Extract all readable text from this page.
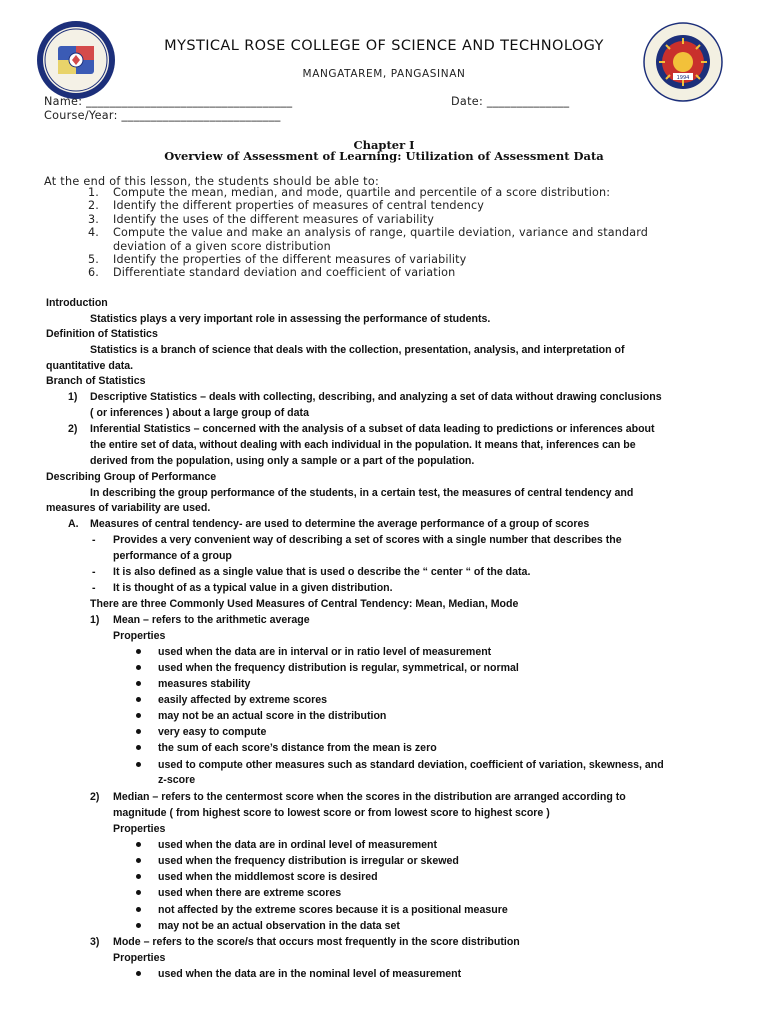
1994
MYSTICAL ROSE COLLEGE OF SCIENCE AND TECHNOLOGY
MANGATAREM, PANGASINAN
Name: ___________________________________	Date: ______________
Course/Year: ___________________________
Chapter I
Overview of Assessment of Learning: Utilization of Assessment Data
At the end of this lesson, the students should be able to:
1. Compute the mean, median, and mode, quartile and percentile of a score distribution:
2. Identify the different properties of measures of central tendency
3. Identify the uses of the different measures of variability
4. Compute the value and make an analysis of range, quartile deviation, variance and standard deviation of a given score distribution
5. Identify the properties of the different measures of variability
6. Differentiate standard deviation and coefficient of variation
Introduction
Statistics plays a very important role in assessing the performance of students.
Definition of Statistics
Statistics is a branch of science that deals with the collection, presentation, analysis, and interpretation of
quantitative data.
Branch of Statistics
1) Descriptive Statistics – deals with collecting, describing, and analyzing a set of data without drawing conclusions
( or inferences ) about a large group of data
2) Inferential Statistics – concerned with the analysis of a subset of data leading to predictions or inferences about
the entire set of data, without dealing with each individual in the population. It means that, inferences can be
derived from the population, using only a sample or a part of the population.
Describing Group of Performance
In describing the group performance of the students, in a certain test, the measures of central tendency and
measures of variability are used.
A. Measures of central tendency- are used to determine the average performance of a group of scores
- Provides a very convenient way of describing a set of scores with a single number that describes the
performance of a group
- It is also defined as a single value that is used o describe the “ center “ of the data.
- It is thought of as a typical value in a given distribution.
There are three Commonly Used Measures of Central Tendency: Mean, Median, Mode
1) Mean – refers to the arithmetic average
Properties
used when the data are in interval or in ratio level of measurement
used when the frequency distribution is regular, symmetrical, or normal
measures stability
easily affected by extreme scores
may not be an actual score in the distribution
very easy to compute
the sum of each score’s distance from the mean is zero
used to compute other measures such as standard deviation, coefficient of variation, skewness, and
z-score
2) Median – refers to the centermost score when the scores in the distribution are arranged according to
magnitude ( from highest score to lowest score or from lowest score to highest score )
Properties
used when the data are in ordinal level of measurement
used when the frequency distribution is irregular or skewed
used when the middlemost score is desired
used when there are extreme scores
not affected by the extreme scores because it is a positional measure
may not be an actual observation in the data set
3) Mode – refers to the score/s that occurs most frequently in the score distribution
Properties
used when the data are in the nominal level of measurement
